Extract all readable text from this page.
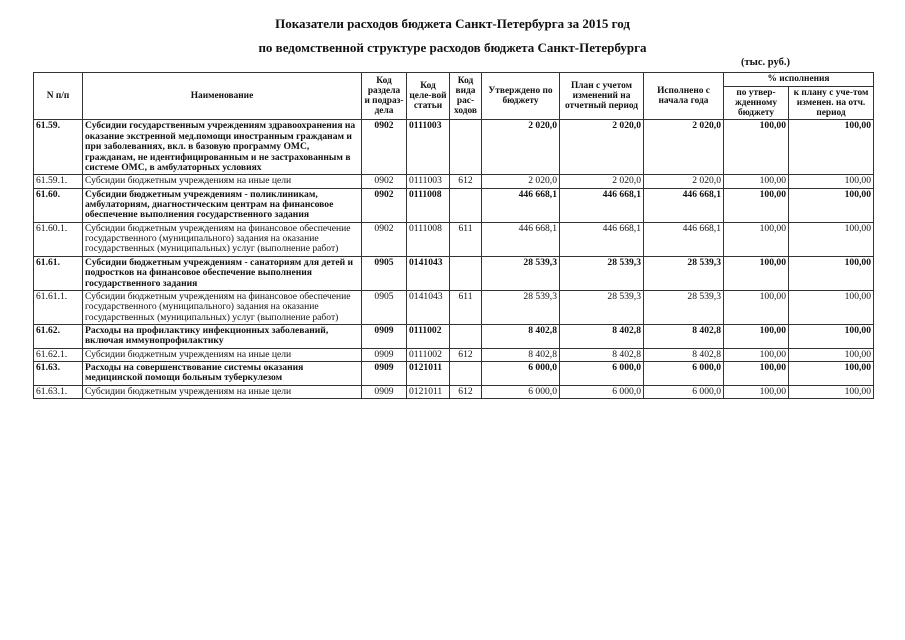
Показатели расходов бюджета Санкт-Петербурга за 2015 год
по ведомственной структуре расходов бюджета Санкт-Петербурга
(тыс. руб.)
N п/п	Наименование	Код раздела и подраз-дела	Код целе-вой статьи	Код вида рас-ходов	Утверждено по бюджету	План с учетом изменений на отчетный период	Исполнено с начала года	% исполнения	
								по утвер-жденному бюджету	к плану с уче-том изменен. на отч. период
61.59.	Субсидии государственным учреждениям здравоохранения на оказание экстренной мед.помощи иностранным гражданам и при заболеваниях, вкл. в базовую программу ОМС, гражданам, не идентифицированным и не застрахованным в системе ОМС, в амбулаторных условиях	0902	0111003		2 020,0	2 020,0	2 020,0	100,00	100,00
61.59.1.	Субсидии бюджетным учреждениям на иные цели	0902	0111003	612	2 020,0	2 020,0	2 020,0	100,00	100,00
61.60.	Субсидии бюджетным учреждениям - поликлиникам, амбулаториям, диагностическим центрам на финансовое обеспечение выполнения государственного задания	0902	0111008		446 668,1	446 668,1	446 668,1	100,00	100,00
61.60.1.	Субсидии бюджетным учреждениям на финансовое обеспечение государственного (муниципального) задания на оказание государственных (муниципальных) услуг (выполнение работ)	0902	0111008	611	446 668,1	446 668,1	446 668,1	100,00	100,00
61.61.	Субсидии бюджетным учреждениям - санаториям для детей и подростков на финансовое обеспечение выполнения государственного задания	0905	0141043		28 539,3	28 539,3	28 539,3	100,00	100,00
61.61.1.	Субсидии бюджетным учреждениям на финансовое обеспечение государственного (муниципального) задания на оказание государственных (муниципальных) услуг (выполнение работ)	0905	0141043	611	28 539,3	28 539,3	28 539,3	100,00	100,00
61.62.	Расходы на профилактику инфекционных заболеваний, включая иммунопрофилактику	0909	0111002		8 402,8	8 402,8	8 402,8	100,00	100,00
61.62.1.	Субсидии бюджетным учреждениям на иные цели	0909	0111002	612	8 402,8	8 402,8	8 402,8	100,00	100,00
61.63.	Расходы на совершенствование системы оказания медицинской помощи больным туберкулезом	0909	0121011		6 000,0	6 000,0	6 000,0	100,00	100,00
61.63.1.	Субсидии бюджетным учреждениям на иные цели	0909	0121011	612	6 000,0	6 000,0	6 000,0	100,00	100,00
